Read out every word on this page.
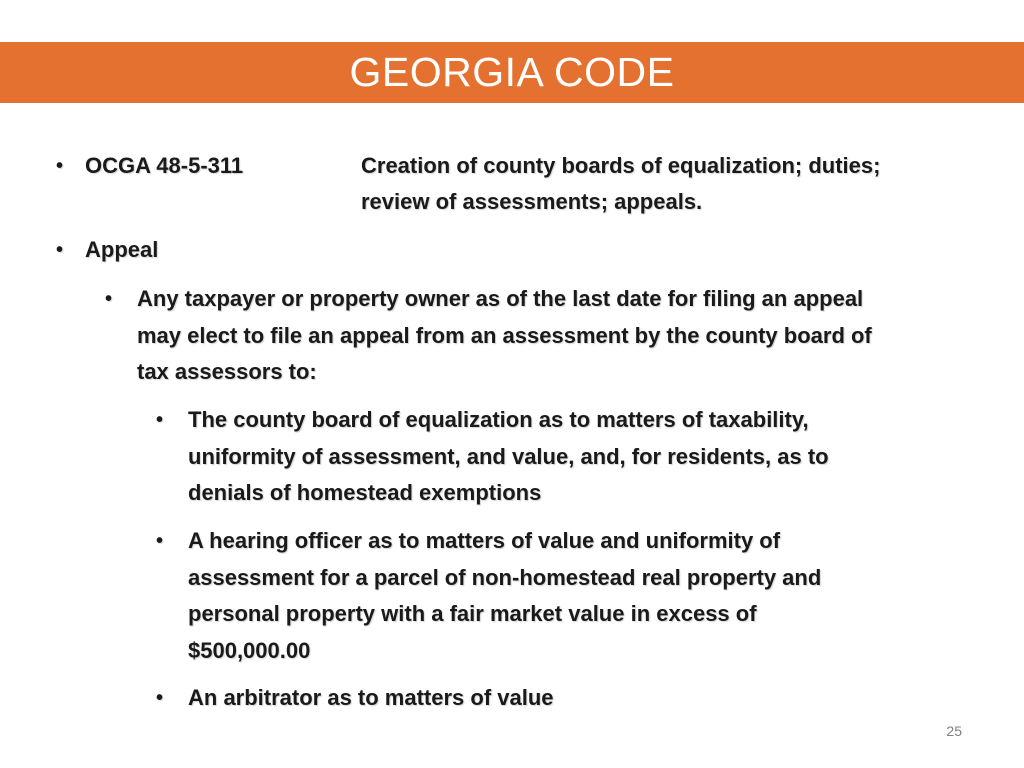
GEORGIA CODE
• OCGA 48-5-311	Creation of county boards of equalization; duties;
review of assessments; appeals.
• Appeal
• Any taxpayer or property owner as of the last date for filing an appeal
may elect to file an appeal from an assessment by the county board of
tax assessors to:
• The county board of equalization as to matters of taxability,
uniformity of assessment, and value, and, for residents, as to
denials of homestead exemptions
• A hearing officer as to matters of value and uniformity of
assessment for a parcel of non-homestead real property and
personal property with a fair market value in excess of
$500,000.00
• An arbitrator as to matters of value
25
